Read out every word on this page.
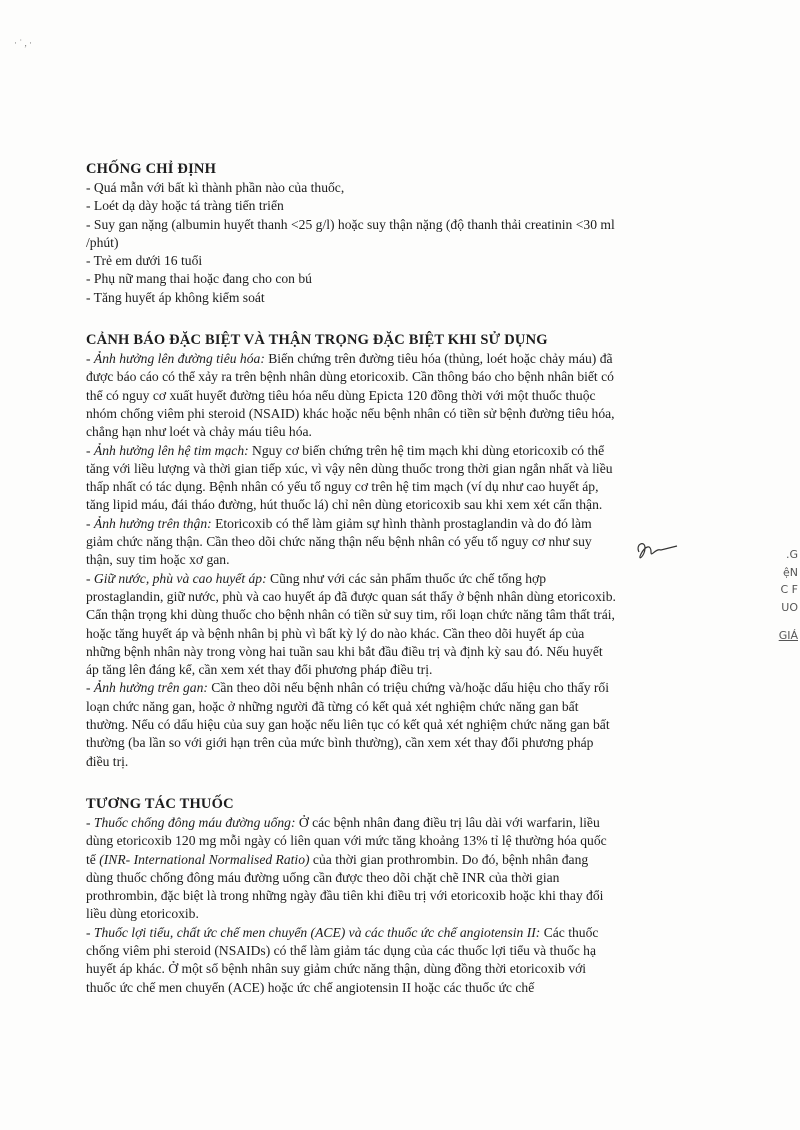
· ˙ , ·
.G
ệN
C F
UO
GIÁ
CHỐNG CHỈ ĐỊNH

- Quá mẫn với bất kì thành phần nào của thuốc,

- Loét dạ dày hoặc tá tràng tiến triển

- Suy gan nặng (albumin huyết thanh <25 g/l) hoặc suy thận nặng (độ thanh thải creatinin <30 ml

/phút)

- Trẻ em dưới 16 tuổi

- Phụ nữ mang thai hoặc đang cho con bú

- Tăng huyết áp không kiểm soát

CẢNH BÁO ĐẶC BIỆT VÀ THẬN TRỌNG ĐẶC BIỆT KHI SỬ DỤNG

- Ảnh hưởng lên đường tiêu hóa: Biến chứng trên đường tiêu hóa (thủng, loét hoặc chảy máu) đã

được báo cáo có thể xảy ra trên bệnh nhân dùng etoricoxib. Cần thông báo cho bệnh nhân biết có

thể có nguy cơ xuất huyết đường tiêu hóa nếu dùng Epicta 120 đồng thời với một thuốc thuộc

nhóm chống viêm phi steroid (NSAID) khác hoặc nếu bệnh nhân có tiền sử bệnh đường tiêu hóa,

chẳng hạn như loét và chảy máu tiêu hóa.

- Ảnh hưởng lên hệ tim mạch: Nguy cơ biến chứng trên hệ tim mạch khi dùng etoricoxib có thể

tăng với liều lượng và thời gian tiếp xúc, vì vậy nên dùng thuốc trong thời gian ngắn nhất và liều

thấp nhất có tác dụng. Bệnh nhân có yếu tố nguy cơ trên hệ tim mạch (ví dụ như cao huyết áp,

tăng lipid máu, đái tháo đường, hút thuốc lá) chỉ nên dùng etoricoxib sau khi xem xét cẩn thận.

- Ảnh hưởng trên thận: Etoricoxib có thể làm giảm sự hình thành prostaglandin và do đó làm

giảm chức năng thận. Cần theo dõi chức năng thận nếu bệnh nhân có yếu tố nguy cơ như suy

thận, suy tim hoặc xơ gan.

- Giữ nước, phù và cao huyết áp: Cũng như với các sản phẩm thuốc ức chế tổng hợp

prostaglandin, giữ nước, phù và cao huyết áp đã được quan sát thấy ở bệnh nhân dùng etoricoxib.

Cẩn thận trọng khi dùng thuốc cho bệnh nhân có tiền sử suy tim, rối loạn chức năng tâm thất trái,

hoặc tăng huyết áp và bệnh nhân bị phù vì bất kỳ lý do nào khác. Cần theo dõi huyết áp của

những bệnh nhân này trong vòng hai tuần sau khi bắt đầu điều trị và định kỳ sau đó. Nếu huyết

áp tăng lên đáng kể, cần xem xét thay đổi phương pháp điều trị.

- Ảnh hưởng trên gan: Cần theo dõi nếu bệnh nhân có triệu chứng và/hoặc dấu hiệu cho thấy rối

loạn chức năng gan, hoặc ở những người đã từng có kết quả xét nghiệm chức năng gan bất

thường. Nếu có dấu hiệu của suy gan hoặc nếu liên tục có kết quả xét nghiệm chức năng gan bất

thường (ba lần so với giới hạn trên của mức bình thường), cần xem xét thay đổi phương pháp

điều trị.

TƯƠNG TÁC THUỐC

- Thuốc chống đông máu đường uống: Ở các bệnh nhân đang điều trị lâu dài với warfarin, liều

dùng etoricoxib 120 mg mỗi ngày có liên quan với mức tăng khoảng 13% tỉ lệ thường hóa quốc

tế (INR- International Normalised Ratio) của thời gian prothrombin. Do đó, bệnh nhân đang

dùng thuốc chống đông máu đường uống cần được theo dõi chặt chẽ INR của thời gian

prothrombin, đặc biệt là trong những ngày đầu tiên khi điều trị với etoricoxib hoặc khi thay đổi

liều dùng etoricoxib.

- Thuốc lợi tiểu, chất ức chế men chuyển (ACE) và các thuốc ức chế angiotensin II: Các thuốc

chống viêm phi steroid (NSAIDs) có thể làm giảm tác dụng của các thuốc lợi tiểu và thuốc hạ

huyết áp khác. Ở một số bệnh nhân suy giảm chức năng thận, dùng đồng thời etoricoxib với

thuốc ức chế men chuyển (ACE) hoặc ức chế angiotensin II hoặc các thuốc ức chế
